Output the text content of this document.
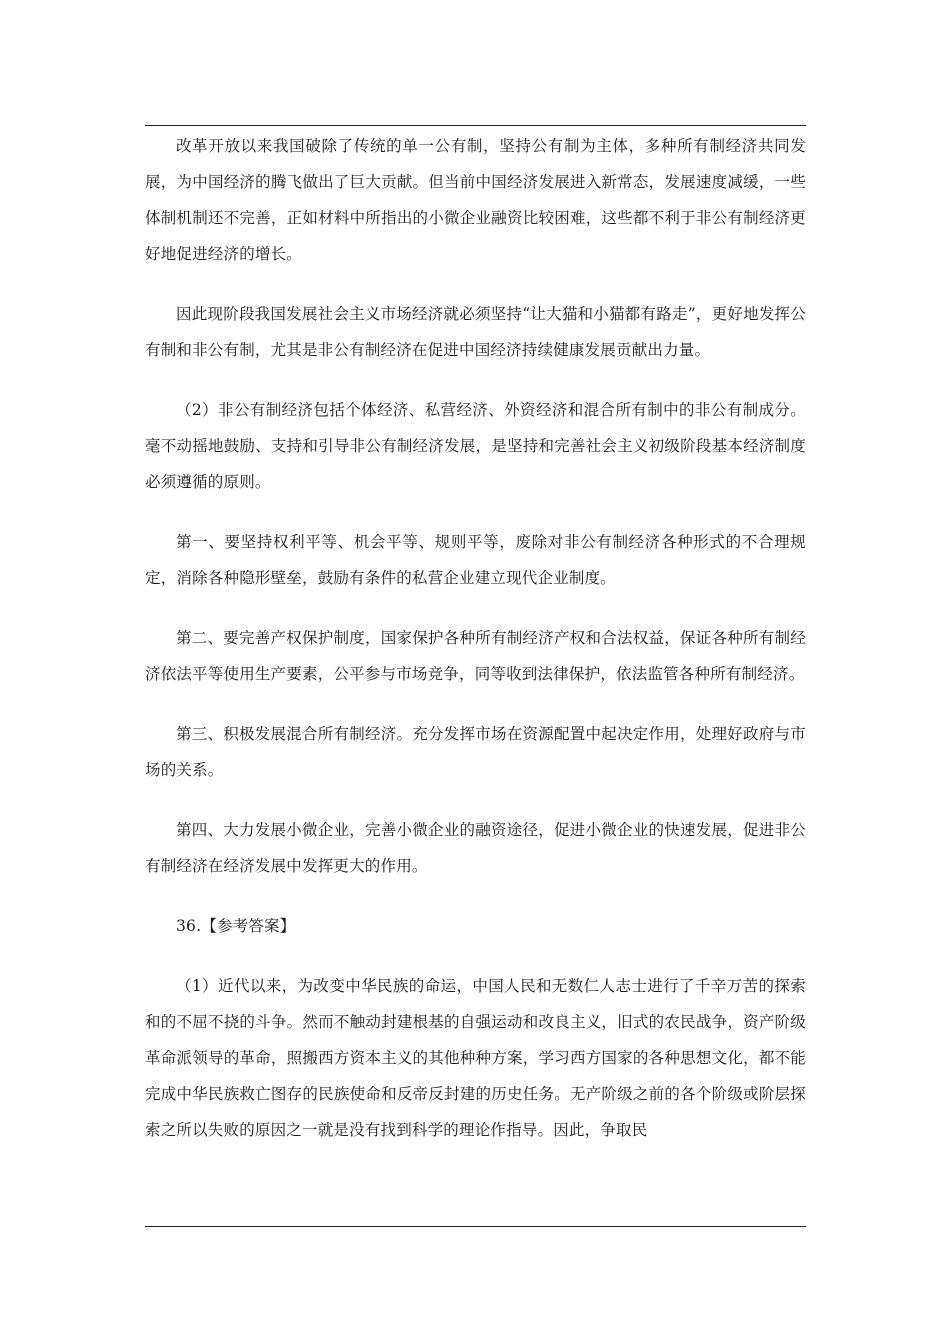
改革开放以来我国破除了传统的单一公有制，坚持公有制为主体，多种所有制经济共同发展，为中国经济的腾飞做出了巨大贡献。但当前中国经济发展进入新常态，发展速度减缓，一些体制机制还不完善，正如材料中所指出的小微企业融资比较困难，这些都不利于非公有制经济更好地促进经济的增长。

因此现阶段我国发展社会主义市场经济就必须坚持“让大猫和小猫都有路走”，更好地发挥公有制和非公有制，尤其是非公有制经济在促进中国经济持续健康发展贡献出力量。

（2）非公有制经济包括个体经济、私营经济、外资经济和混合所有制中的非公有制成分。毫不动摇地鼓励、支持和引导非公有制经济发展，是坚持和完善社会主义初级阶段基本经济制度必须遵循的原则。

第一、要坚持权利平等、机会平等、规则平等，废除对非公有制经济各种形式的不合理规定，消除各种隐形壁垒，鼓励有条件的私营企业建立现代企业制度。

第二、要完善产权保护制度，国家保护各种所有制经济产权和合法权益，保证各种所有制经济依法平等使用生产要素，公平参与市场竞争，同等收到法律保护，依法监管各种所有制经济。

第三、积极发展混合所有制经济。充分发挥市场在资源配置中起决定作用，处理好政府与市场的关系。

第四、大力发展小微企业，完善小微企业的融资途径，促进小微企业的快速发展，促进非公有制经济在经济发展中发挥更大的作用。

36.【参考答案】

（1）近代以来，为改变中华民族的命运，中国人民和无数仁人志士进行了千辛万苦的探索和的不屈不挠的斗争。然而不触动封建根基的自强运动和改良主义，旧式的农民战争，资产阶级革命派领导的革命，照搬西方资本主义的其他种种方案，学习西方国家的各种思想文化，都不能完成中华民族救亡图存的民族使命和反帝反封建的历史任务。无产阶级之前的各个阶级或阶层探索之所以失败的原因之一就是没有找到科学的理论作指导。因此，争取民
